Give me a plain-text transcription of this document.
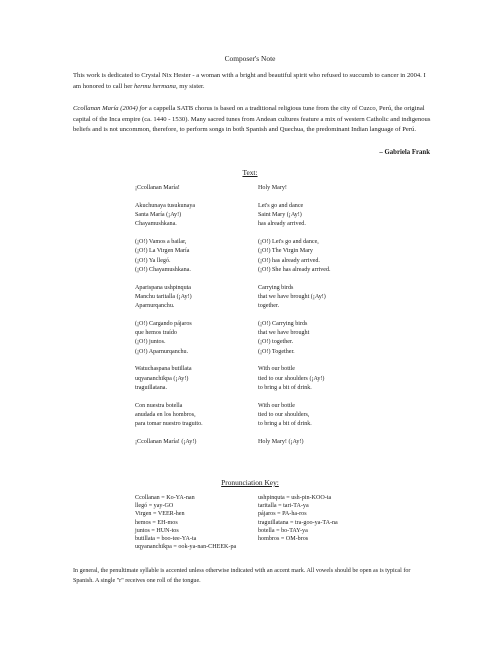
Composer's Note

This work is dedicated to Crystal Nix Hester - a woman with a bright and beautiful spirit who refused to succumb to cancer in 2004. I am honored to call her hermu hermana, my sister.

Ccollanan María (2004) for a cappella SATB chorus is based on a traditional religious tune from the city of Cuzco, Perú, the original capital of the Inca empire (ca. 1440 - 1530). Many sacred tunes from Andean cultures feature a mix of western Catholic and indigenous beliefs and is not uncommon, therefore, to perform songs in both Spanish and Quechua, the predominant Indian language of Perú.

– Gabriela Frank
Text:
¡Ccollanan María!
Akuchunaya tusukunaya
Santa María (¡Ay!)
Chayamushkana.
(¡O!) Vamos a bailar,
(¡O!) La Virgen María
(¡O!) Ya llegó.
(¡O!) Chayamushkana.
Aparispana ushpinquta
Manchu taritalla (¡Ay!)
Aparnurqanchu.
(¡O!) Cargando pájaros
que hemos traído
(¡O!) juntos.
(¡O!) Aparnurqanchu.
Watuchaspana butillata
uqyananchikpa (¡Ay!)
traguillatana.
Con nuestra botella
anudada en los hombros,
para tomar nuestro traguito.
¡Ccollanan María! (¡Ay!)
Holy Mary!
Let's go and dance
Saint Mary (¡Ay!)
has already arrived.
(¡O!) Let's go and dance,
(¡O!) The Virgin Mary
(¡O!) has already arrived.
(¡O!) She has already arrived.
Carrying birds
that we have brought (¡Ay!)
together.
(¡O!) Carrying birds
that we have brought
(¡O!) together.
(¡O!) Together.
With our bottle
tied to our shoulders (¡Ay!)
to bring a bit of drink.
With our bottle
tied to our shoulders,
to bring a bit of drink.
Holy Mary! (¡Ay!)
Pronunciation Key:
Ccollanan = Ko-YA-nan
llegó = yay-GO
Virgen = VEER-hen
hemos = EH-mos
juntos = HUN-tos
butillata = boo-tee-YA-ta
uqyananchikpa = ook-ya-nan-CHEEK-pa
ushpinquta = ush-pin-KOO-ta
taritalla = tari-TA-ya
pájaros = PA-ha-ros
traguillatana = tra-goo-ya-TA-na
botella = bo-TAY-ya
hombros = OM-bros

In general, the penultimate syllable is accented unless otherwise indicated with an accent mark. All vowels should be open as is typical for Spanish. A single "r" receives one roll of the tongue.
